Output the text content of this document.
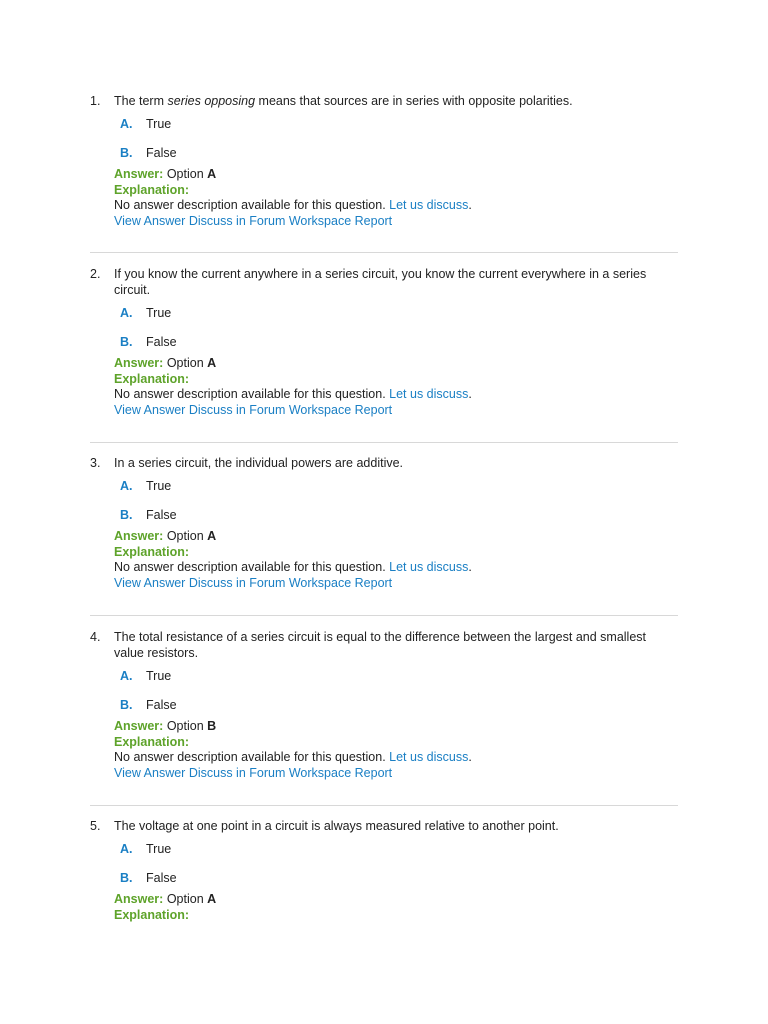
1. The term series opposing means that sources are in series with opposite polarities.
A. True
B. False
Answer: Option A
Explanation:
No answer description available for this question. Let us discuss.
View Answer Discuss in Forum Workspace Report
2. If you know the current anywhere in a series circuit, you know the current everywhere in a series circuit.
A. True
B. False
Answer: Option A
Explanation:
No answer description available for this question. Let us discuss.
View Answer Discuss in Forum Workspace Report
3. In a series circuit, the individual powers are additive.
A. True
B. False
Answer: Option A
Explanation:
No answer description available for this question. Let us discuss.
View Answer Discuss in Forum Workspace Report
4. The total resistance of a series circuit is equal to the difference between the largest and smallest value resistors.
A. True
B. False
Answer: Option B
Explanation:
No answer description available for this question. Let us discuss.
View Answer Discuss in Forum Workspace Report
5. The voltage at one point in a circuit is always measured relative to another point.
A. True
B. False
Answer: Option A
Explanation:
